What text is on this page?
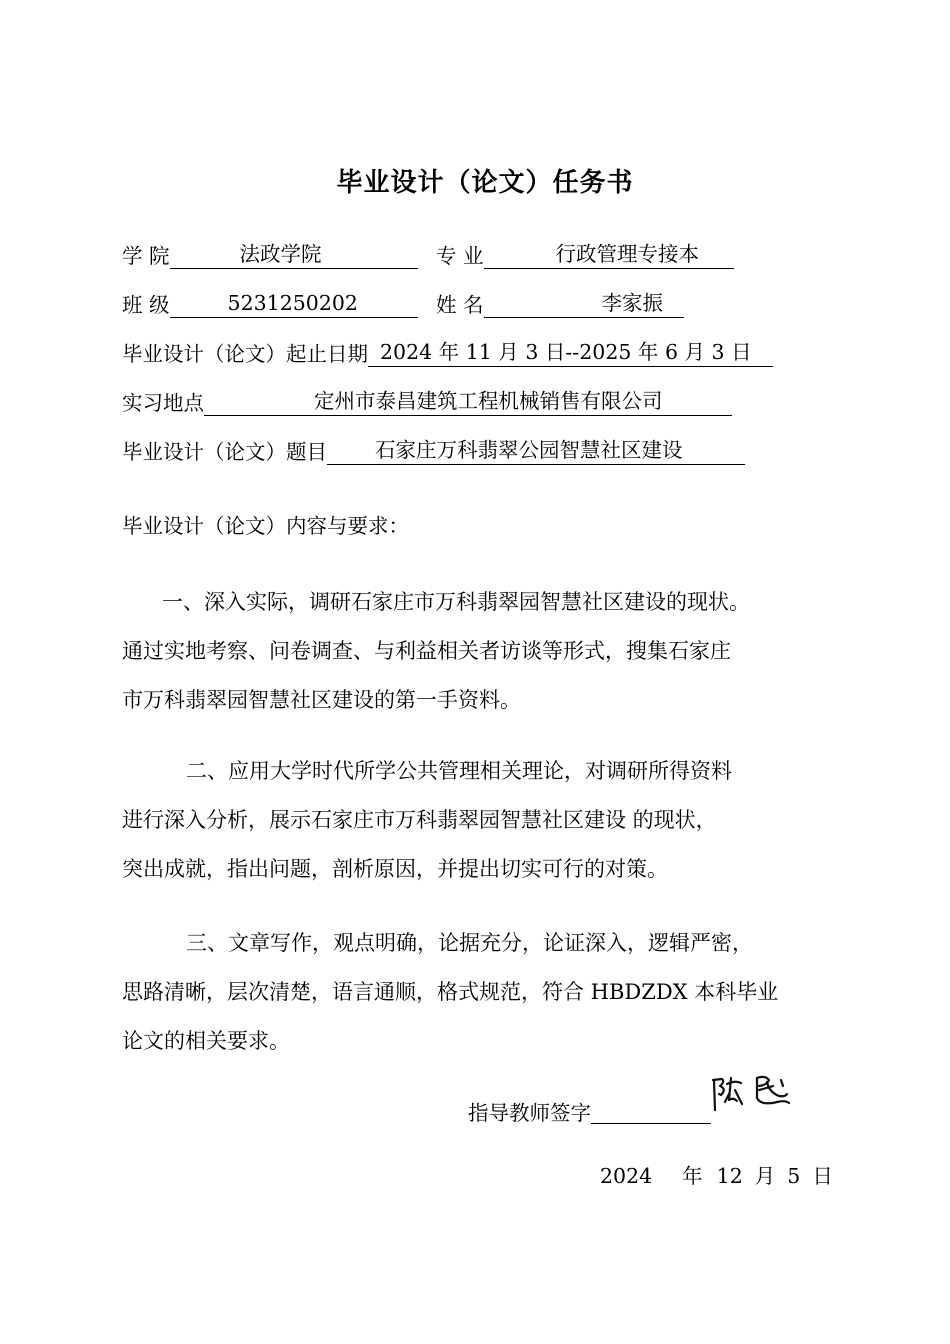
毕业设计（论文）任务书
学 院	法政学院	专 业	行政管理专接本
班 级	5231250202	姓 名	李家振
毕业设计（论文）起止日期 2024 年 11 月 3 日--2025 年 6 月 3 日
实习地点	定州市泰昌建筑工程机械销售有限公司
毕业设计（论文）题目 石家庄万科翡翠公园智慧社区建设
毕业设计（论文）内容与要求：

一、深入实际，调研石家庄市万科翡翠园智慧社区建设的现状。

通过实地考察、问卷调查、与利益相关者访谈等形式，搜集石家庄

市万科翡翠园智慧社区建设的第一手资料。

二、应用大学时代所学公共管理相关理论，对调研所得资料

进行深入分析，展示石家庄市万科翡翠园智慧社区建设 的现状，

突出成就，指出问题，剖析原因，并提出切实可行的对策。

三、文章写作，观点明确，论据充分，论证深入，逻辑严密，

思路清晰，层次清楚，语言通顺，格式规范，符合 HBDZDX 本科毕业

论文的相关要求。

指导教师签字
2024 年 12 月 5 日
